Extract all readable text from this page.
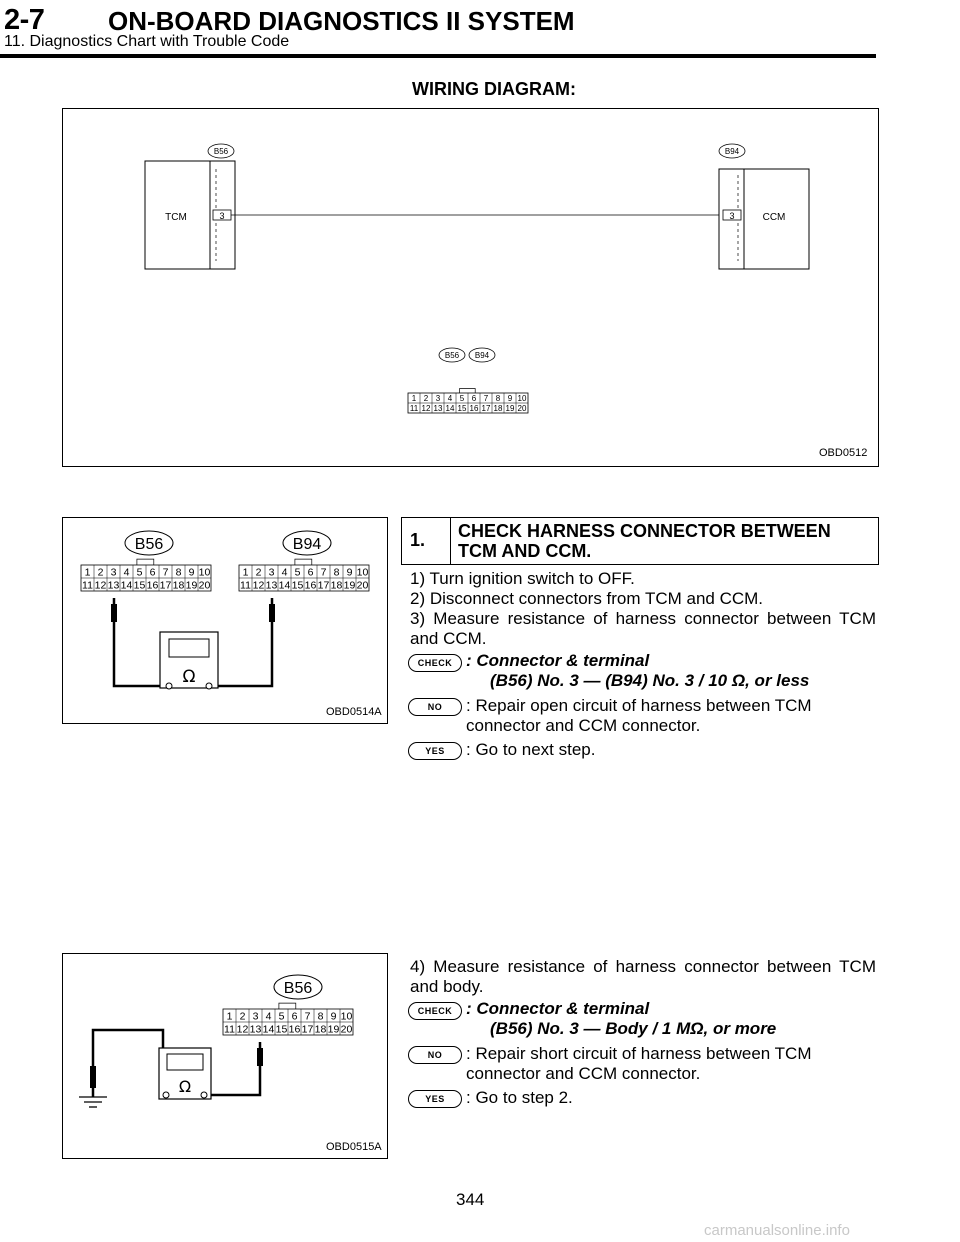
2-7 ON-BOARD DIAGNOSTICS II SYSTEM
11. Diagnostics Chart with Trouble Code
WIRING DIAGRAM:
3
TCM
B56
3	CCM
B94
B56 B94
1 2 3 4 5 6 7 8 9 10
11 12 13 14 15 16 17 18 19 20
OBD0512
B56	B94
1 2 3 4 5 6 7 8 9 10
11 12 13 14 15 16 17 18 19 20
1 2 3 4 5 6 7 8 9 10
11 12 13 14 15 16 17 18 19 20
Ω
OBD0514A
1. CHECK HARNESS CONNECTOR BETWEEN TCM AND CCM.
1) Turn ignition switch to OFF.
2) Disconnect connectors from TCM and CCM.
3) Measure resistance of harness connector between TCM and CCM.
CHECK : Connector & terminal
(B56) No. 3 — (B94) No. 3 / 10 Ω, or less
NO	: Repair open circuit of harness between TCM connector and CCM connector.
YES	: Go to next step.
B56
1 2 3 4 5 6 7 8 9 10
11 12 13 14 15 16 17 18 19 20
Ω
OBD0515A
4) Measure resistance of harness connector between TCM and body.
CHECK : Connector & terminal
(B56) No. 3 — Body / 1 MΩ, or more
NO	: Repair short circuit of harness between TCM connector and CCM connector.
YES	: Go to step 2.
344
carmanualsonline.info
